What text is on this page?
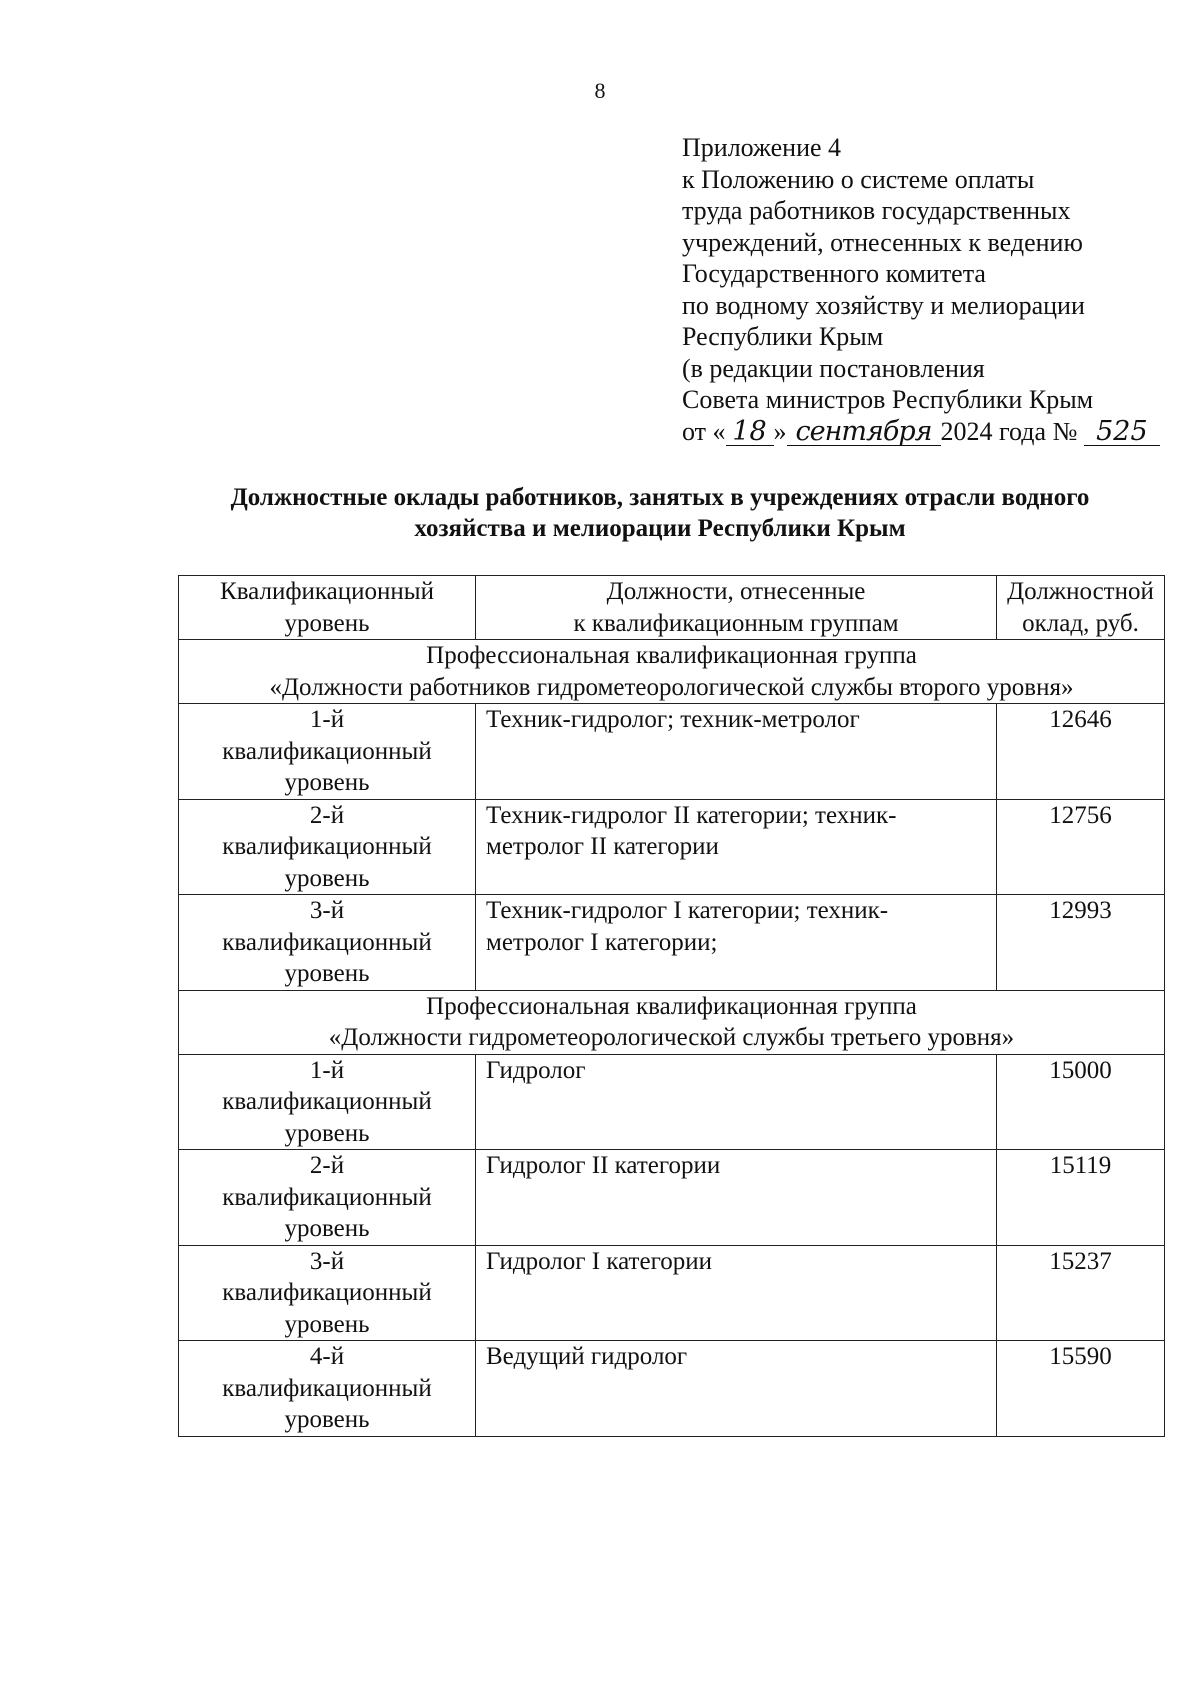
8
Приложение 4
к Положению о системе оплаты
труда работников государственных
учреждений, отнесенных к ведению
Государственного комитета
по водному хозяйству и мелиорации
Республики Крым
(в редакции постановления
Совета министров Республики Крым
от « 18 » сентября 2024 года № 525
Должностные оклады работников, занятых в учреждениях отрасли водного
хозяйства и мелиорации Республики Крым
Квалификационный
уровень	Должности, отнесенные
к квалификационным группам	Должностной
оклад, руб.

Профессиональная квалификационная группа
«Должности работников гидрометеорологической службы второго уровня»		

1-й
квалификационный
уровень	Техник-гидролог; техник-метролог	12646

2-й
квалификационный
уровень	Техник-гидролог II категории; техник-
метролог II категории	12756

3-й
квалификационный
уровень	Техник-гидролог I категории; техник-
метролог I категории;	12993

Профессиональная квалификационная группа
«Должности гидрометеорологической службы третьего уровня»		

1-й
квалификационный
уровень	Гидролог	15000

2-й
квалификационный
уровень	Гидролог II категории	15119

3-й
квалификационный
уровень	Гидролог I категории	15237

4-й
квалификационный
уровень	Ведущий гидролог	15590
